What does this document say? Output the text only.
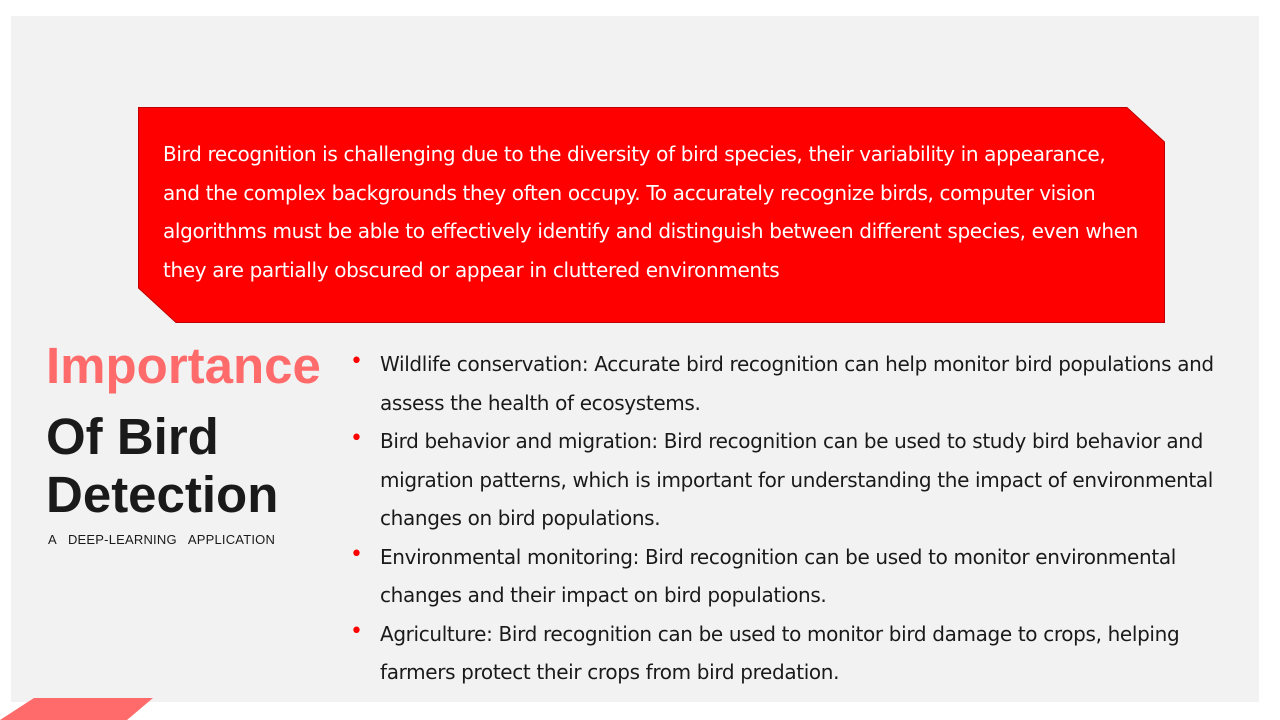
Bird recognition is challenging due to the diversity of bird species, their variability in appearance, and the complex backgrounds they often occupy. To accurately recognize birds, computer vision algorithms must be able to effectively identify and distinguish between different species, even when they are partially obscured or appear in cluttered environments
Importance
Of Bird
Detection
A DEEP-LEARNING APPLICATION
• Wildlife conservation: Accurate bird recognition can help monitor bird populations and assess the health of ecosystems.
• Bird behavior and migration: Bird recognition can be used to study bird behavior and migration patterns, which is important for understanding the impact of environmental changes on bird populations.
• Environmental monitoring: Bird recognition can be used to monitor environmental changes and their impact on bird populations.
• Agriculture: Bird recognition can be used to monitor bird damage to crops, helping farmers protect their crops from bird predation.
